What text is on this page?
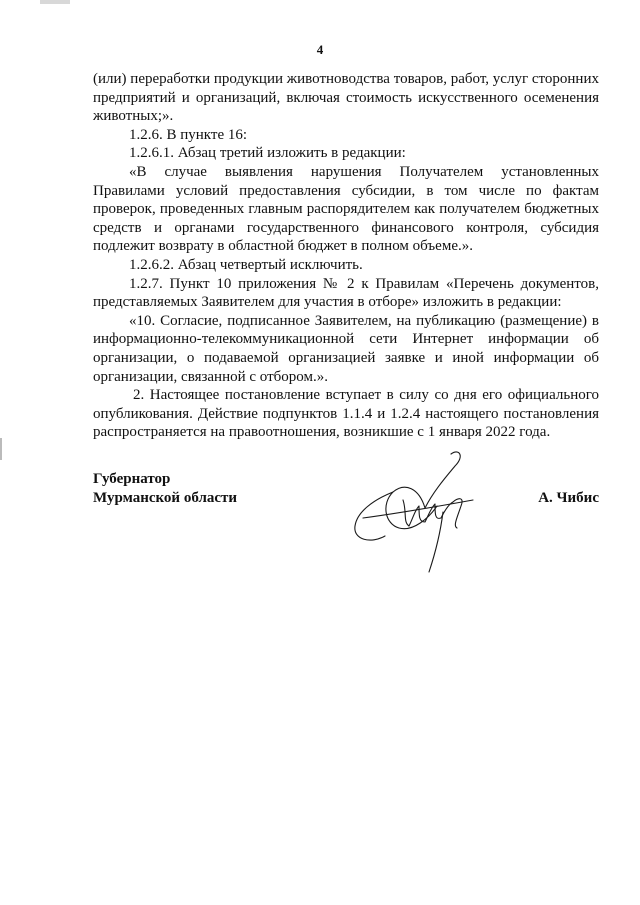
4

(или) переработки продукции животноводства товаров, работ, услуг сторонних предприятий и организаций, включая стоимость искусственного осеменения животных;».

1.2.6. В пункте 16:

1.2.6.1. Абзац третий изложить в редакции:

«В случае выявления нарушения Получателем установленных Правилами условий предоставления субсидии, в том числе по фактам проверок, проведенных главным распорядителем как получателем бюджетных средств и органами государственного финансового контроля, субсидия подлежит возврату в областной бюджет в полном объеме.».

1.2.6.2. Абзац четвертый исключить.

1.2.7. Пункт 10 приложения № 2 к Правилам «Перечень документов, представляемых Заявителем для участия в отборе» изложить в редакции:

«10. Согласие, подписанное Заявителем, на публикацию (размещение) в информационно-телекоммуникационной сети Интернет информации об организации, о подаваемой организацией заявке и иной информации об организации, связанной с отбором.».

2. Настоящее постановление вступает в силу со дня его официального опубликования. Действие подпунктов 1.1.4 и 1.2.4 настоящего постановления распространяется на правоотношения, возникшие с 1 января 2022 года.

Губернатор
Мурманской области	А. Чибис
